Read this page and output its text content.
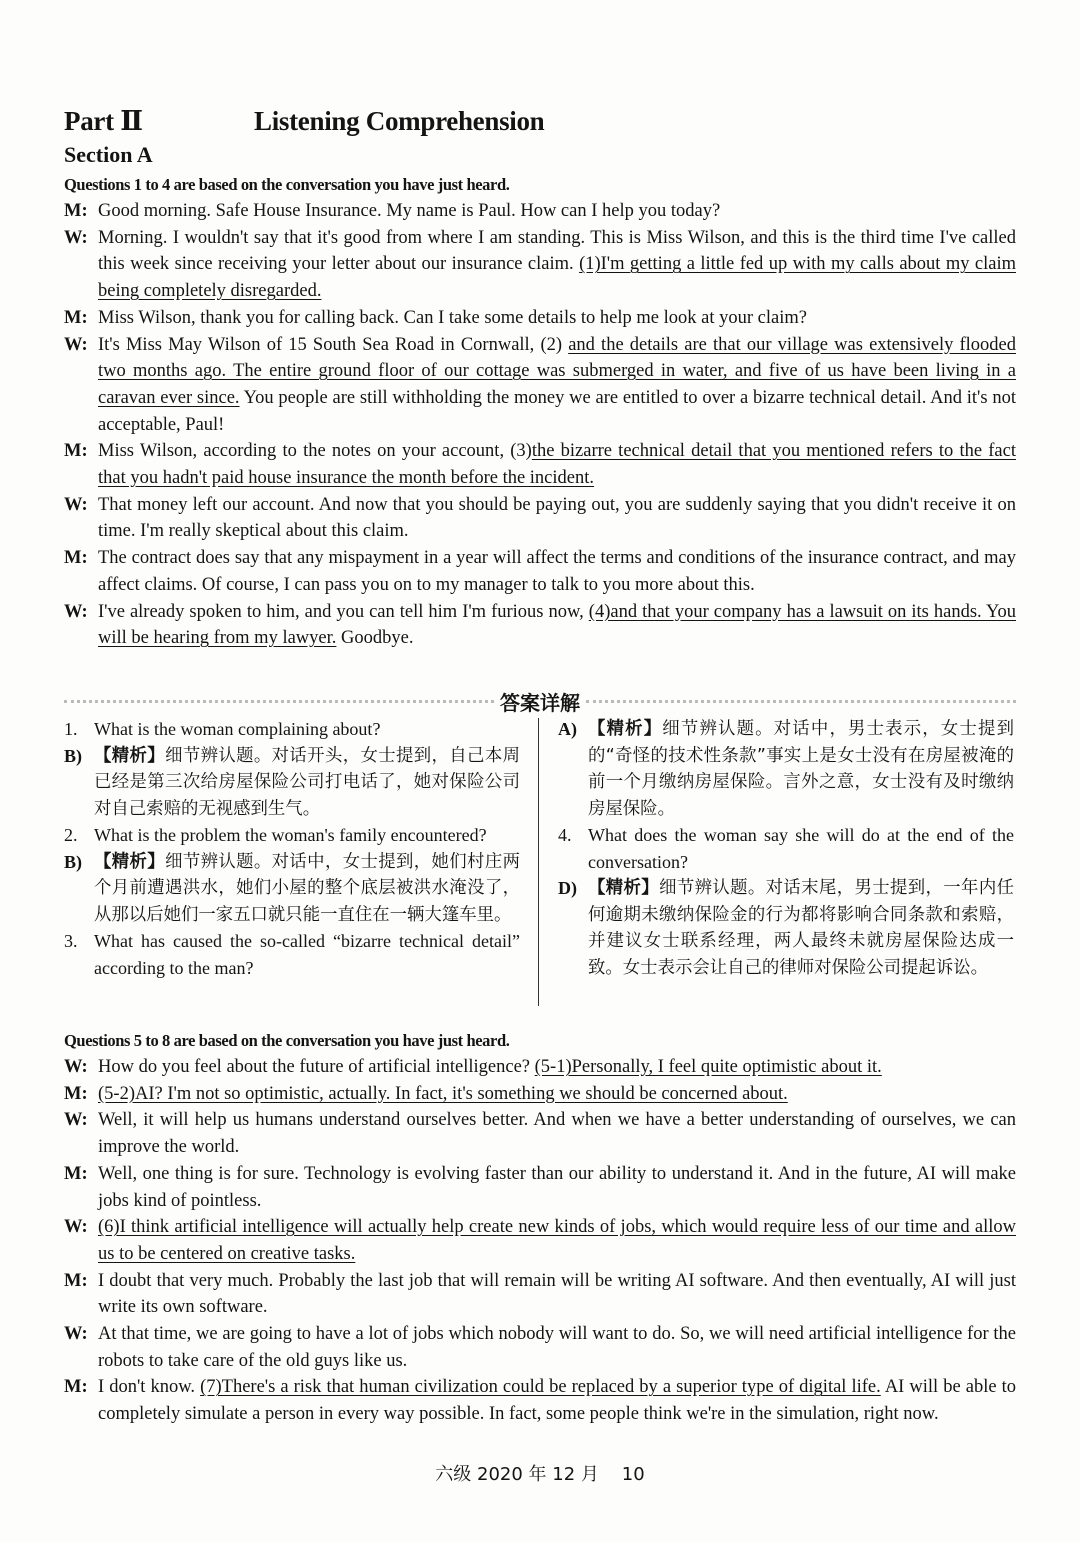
Part Ⅱ	Listening Comprehension
Section A
Questions 1 to 4 are based on the conversation you have just heard.
M: Good morning. Safe House Insurance. My name is Paul. How can I help you today?
W: Morning. I wouldn't say that it's good from where I am standing. This is Miss Wilson, and this is the third time I've called this week since receiving your letter about our insurance claim. (1)I'm getting a little fed up with my calls about my claim being completely disregarded.
M: Miss Wilson, thank you for calling back. Can I take some details to help me look at your claim?
W: It's Miss May Wilson of 15 South Sea Road in Cornwall, (2) and the details are that our village was extensively flooded two months ago. The entire ground floor of our cottage was submerged in water, and five of us have been living in a caravan ever since. You people are still withholding the money we are entitled to over a bizarre technical detail. And it's not acceptable, Paul!
M: Miss Wilson, according to the notes on your account, (3)the bizarre technical detail that you mentioned refers to the fact that you hadn't paid house insurance the month before the incident.
W: That money left our account. And now that you should be paying out, you are suddenly saying that you didn't receive it on time. I'm really skeptical about this claim.
M: The contract does say that any mispayment in a year will affect the terms and conditions of the insurance contract, and may affect claims. Of course, I can pass you on to my manager to talk to you more about this.
W: I've already spoken to him, and you can tell him I'm furious now, (4)and that your company has a lawsuit on its hands. You will be hearing from my lawyer. Goodbye.
答案详解
1. What is the woman complaining about?
B) 【精析】细节辨认题。对话开头，女士提到，自己本周已经是第三次给房屋保险公司打电话了，她对保险公司对自己索赔的无视感到生气。
2. What is the problem the woman's family encountered?
B) 【精析】细节辨认题。对话中，女士提到，她们村庄两个月前遭遇洪水，她们小屋的整个底层被洪水淹没了，从那以后她们一家五口就只能一直住在一辆大篷车里。
3. What has caused the so-called “bizarre technical detail” according to the man?
A) 【精析】细节辨认题。对话中，男士表示，女士提到的“奇怪的技术性条款”事实上是女士没有在房屋被淹的前一个月缴纳房屋保险。言外之意，女士没有及时缴纳房屋保险。
4. What does the woman say she will do at the end of the conversation?
D) 【精析】细节辨认题。对话末尾，男士提到，一年内任何逾期未缴纳保险金的行为都将影响合同条款和索赔，并建议女士联系经理，两人最终未就房屋保险达成一致。女士表示会让自己的律师对保险公司提起诉讼。
Questions 5 to 8 are based on the conversation you have just heard.
W: How do you feel about the future of artificial intelligence? (5-1)Personally, I feel quite optimistic about it.
M: (5-2)AI? I'm not so optimistic, actually. In fact, it's something we should be concerned about.
W: Well, it will help us humans understand ourselves better. And when we have a better understanding of ourselves, we can improve the world.
M: Well, one thing is for sure. Technology is evolving faster than our ability to understand it. And in the future, AI will make jobs kind of pointless.
W: (6)I think artificial intelligence will actually help create new kinds of jobs, which would require less of our time and allow us to be centered on creative tasks.
M: I doubt that very much. Probably the last job that will remain will be writing AI software. And then eventually, AI will just write its own software.
W: At that time, we are going to have a lot of jobs which nobody will want to do. So, we will need artificial intelligence for the robots to take care of the old guys like us.
M: I don't know. (7)There's a risk that human civilization could be replaced by a superior type of digital life. AI will be able to completely simulate a person in every way possible. In fact, some people think we're in the simulation, right now.
六级 2020 年 12 月    10
